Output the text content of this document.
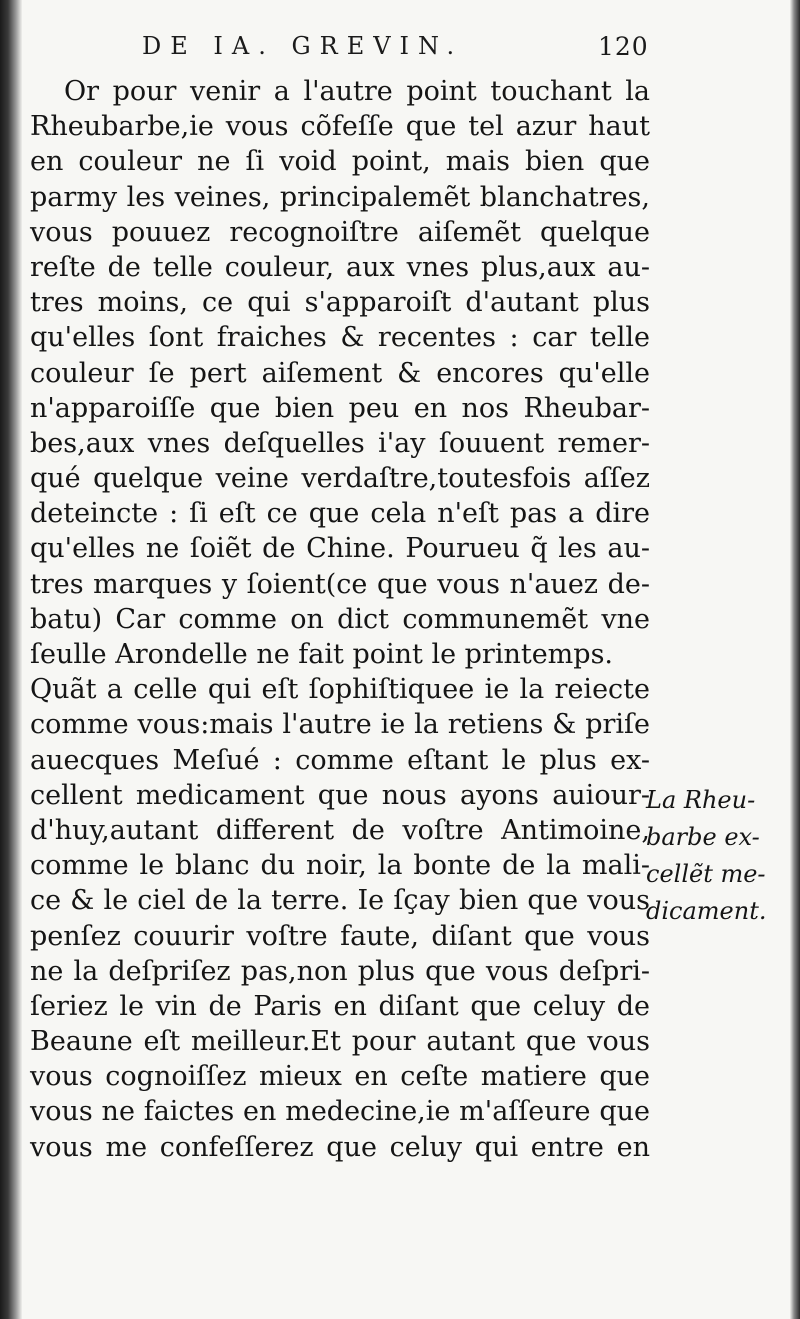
DE IA. GREVIN.	120
Or pour venir a l'autre point touchant la
Rheubarbe,ie vous cõfeſſe que tel azur haut
en couleur ne ſi void point, mais bien que
parmy les veines, principalemẽt blanchatres,
vous pouuez recognoiſtre aiſemẽt quelque
reſte de telle couleur, aux vnes plus,aux au-
tres moins, ce qui s'apparoiſt d'autant plus
qu'elles ſont fraiches & recentes : car telle
couleur ſe pert aiſement & encores qu'elle
n'apparoiſſe que bien peu en nos Rheubar-
bes,aux vnes deſquelles i'ay ſouuent remer-
qué quelque veine verdaſtre,toutesfois aſſez
deteincte : ſi eſt ce que cela n'eſt pas a dire
qu'elles ne ſoiẽt de Chine. Pourueu q̃ les au-
tres marques y ſoient(ce que vous n'auez de-
batu) Car comme on dict communemẽt vne
ſeulle Arondelle ne fait point le printemps.
Quãt a celle qui eſt ſophiſtiquee ie la reiecte
comme vous:mais l'autre ie la retiens & priſe
auecques Meſué : comme eſtant le plus ex-
cellent medicament que nous ayons auiour-
d'huy,autant different de voſtre Antimoine,
comme le blanc du noir, la bonte de la mali-
ce & le ciel de la terre. Ie ſçay bien que vous
penſez couurir voſtre faute, diſant que vous
ne la deſpriſez pas,non plus que vous deſpri-
ſeriez le vin de Paris en diſant que celuy de
Beaune eſt meilleur.Et pour autant que vous
vous cognoiſſez mieux en ceſte matiere que
vous ne faictes en medecine,ie m'aſſeure que
vous me confeſſerez que celuy qui entre en
La Rheu-
barbe ex-
cellẽt me-
dicament.
